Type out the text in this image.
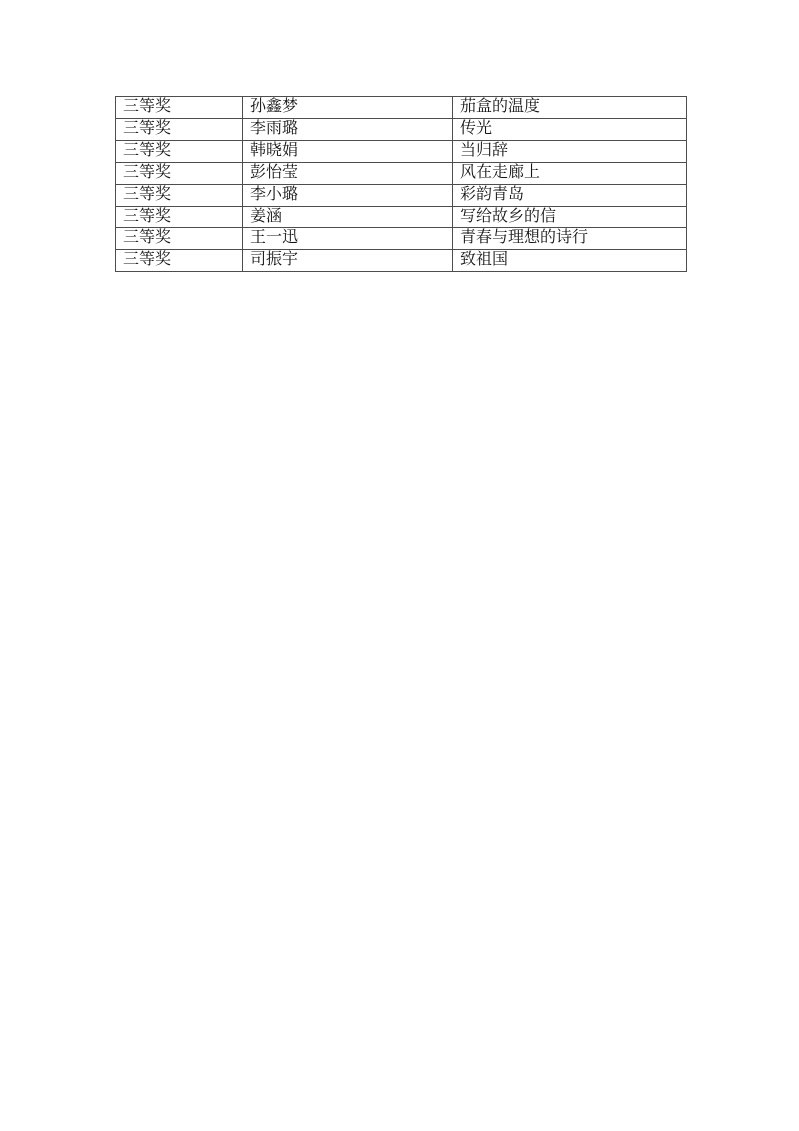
三等奖	孙鑫梦	茄盒的温度
三等奖	李雨璐	传光
三等奖	韩晓娟	当归辞
三等奖	彭怡莹	风在走廊上
三等奖	李小璐	彩韵青岛
三等奖	姜涵	写给故乡的信
三等奖	王一迅	青春与理想的诗行
三等奖	司振宇	致祖国
